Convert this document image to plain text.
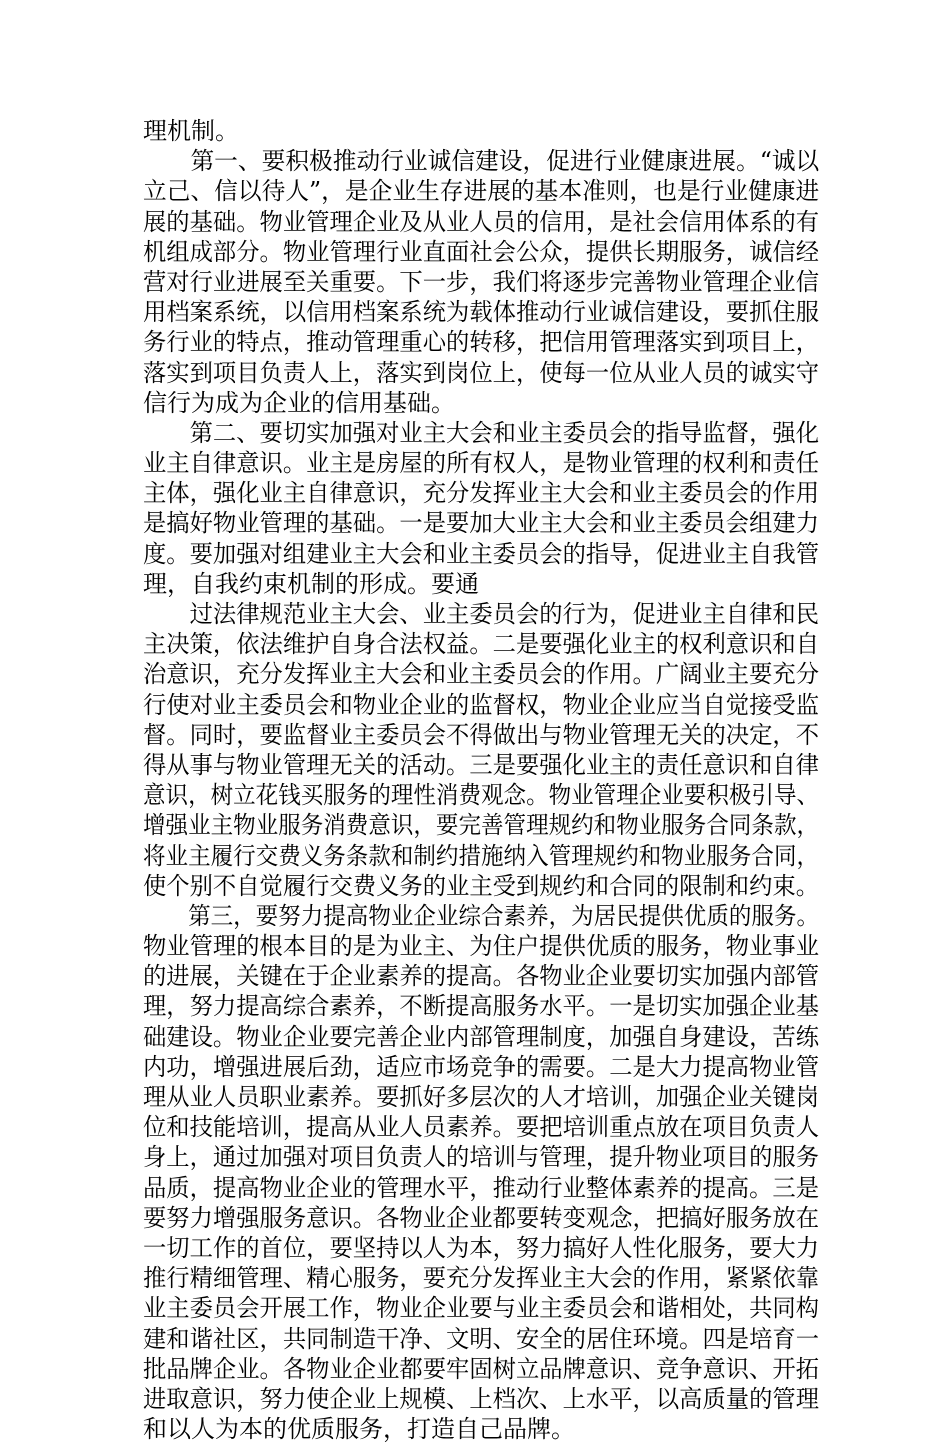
理机制。
　　第一、要积极推动行业诚信建设，促进行业健康进展。“诚以
立己、信以待人”，是企业生存进展的基本准则，也是行业健康进
展的基础。物业管理企业及从业人员的信用，是社会信用体系的有
机组成部分。物业管理行业直面社会公众，提供长期服务，诚信经
营对行业进展至关重要。下一步，我们将逐步完善物业管理企业信
用档案系统，以信用档案系统为载体推动行业诚信建设，要抓住服
务行业的特点，推动管理重心的转移，把信用管理落实到项目上，
落实到项目负责人上，落实到岗位上，使每一位从业人员的诚实守
信行为成为企业的信用基础。
　　第二、要切实加强对业主大会和业主委员会的指导监督，强化
业主自律意识。业主是房屋的所有权人，是物业管理的权利和责任
主体，强化业主自律意识，充分发挥业主大会和业主委员会的作用
是搞好物业管理的基础。一是要加大业主大会和业主委员会组建力
度。要加强对组建业主大会和业主委员会的指导，促进业主自我管
理，自我约束机制的形成。要通
　　过法律规范业主大会、业主委员会的行为，促进业主自律和民
主决策，依法维护自身合法权益。二是要强化业主的权利意识和自
治意识，充分发挥业主大会和业主委员会的作用。广阔业主要充分
行使对业主委员会和物业企业的监督权，物业企业应当自觉接受监
督。同时，要监督业主委员会不得做出与物业管理无关的决定，不
得从事与物业管理无关的活动。三是要强化业主的责任意识和自律
意识，树立花钱买服务的理性消费观念。物业管理企业要积极引导、
增强业主物业服务消费意识，要完善管理规约和物业服务合同条款，
将业主履行交费义务条款和制约措施纳入管理规约和物业服务合同，
使个别不自觉履行交费义务的业主受到规约和合同的限制和约束。
　　第三，要努力提高物业企业综合素养，为居民提供优质的服务。
物业管理的根本目的是为业主、为住户提供优质的服务，物业事业
的进展，关键在于企业素养的提高。各物业企业要切实加强内部管
理，努力提高综合素养，不断提高服务水平。一是切实加强企业基
础建设。物业企业要完善企业内部管理制度，加强自身建设，苦练
内功，增强进展后劲，适应市场竞争的需要。二是大力提高物业管
理从业人员职业素养。要抓好多层次的人才培训，加强企业关键岗
位和技能培训，提高从业人员素养。要把培训重点放在项目负责人
身上，通过加强对项目负责人的培训与管理，提升物业项目的服务
品质，提高物业企业的管理水平，推动行业整体素养的提高。三是
要努力增强服务意识。各物业企业都要转变观念，把搞好服务放在
一切工作的首位，要坚持以人为本，努力搞好人性化服务，要大力
推行精细管理、精心服务，要充分发挥业主大会的作用，紧紧依靠
业主委员会开展工作，物业企业要与业主委员会和谐相处，共同构
建和谐社区，共同制造干净、文明、安全的居住环境。四是培育一
批品牌企业。各物业企业都要牢固树立品牌意识、竞争意识、开拓
进取意识，努力使企业上规模、上档次、上水平，以高质量的管理
和以人为本的优质服务，打造自己品牌。
